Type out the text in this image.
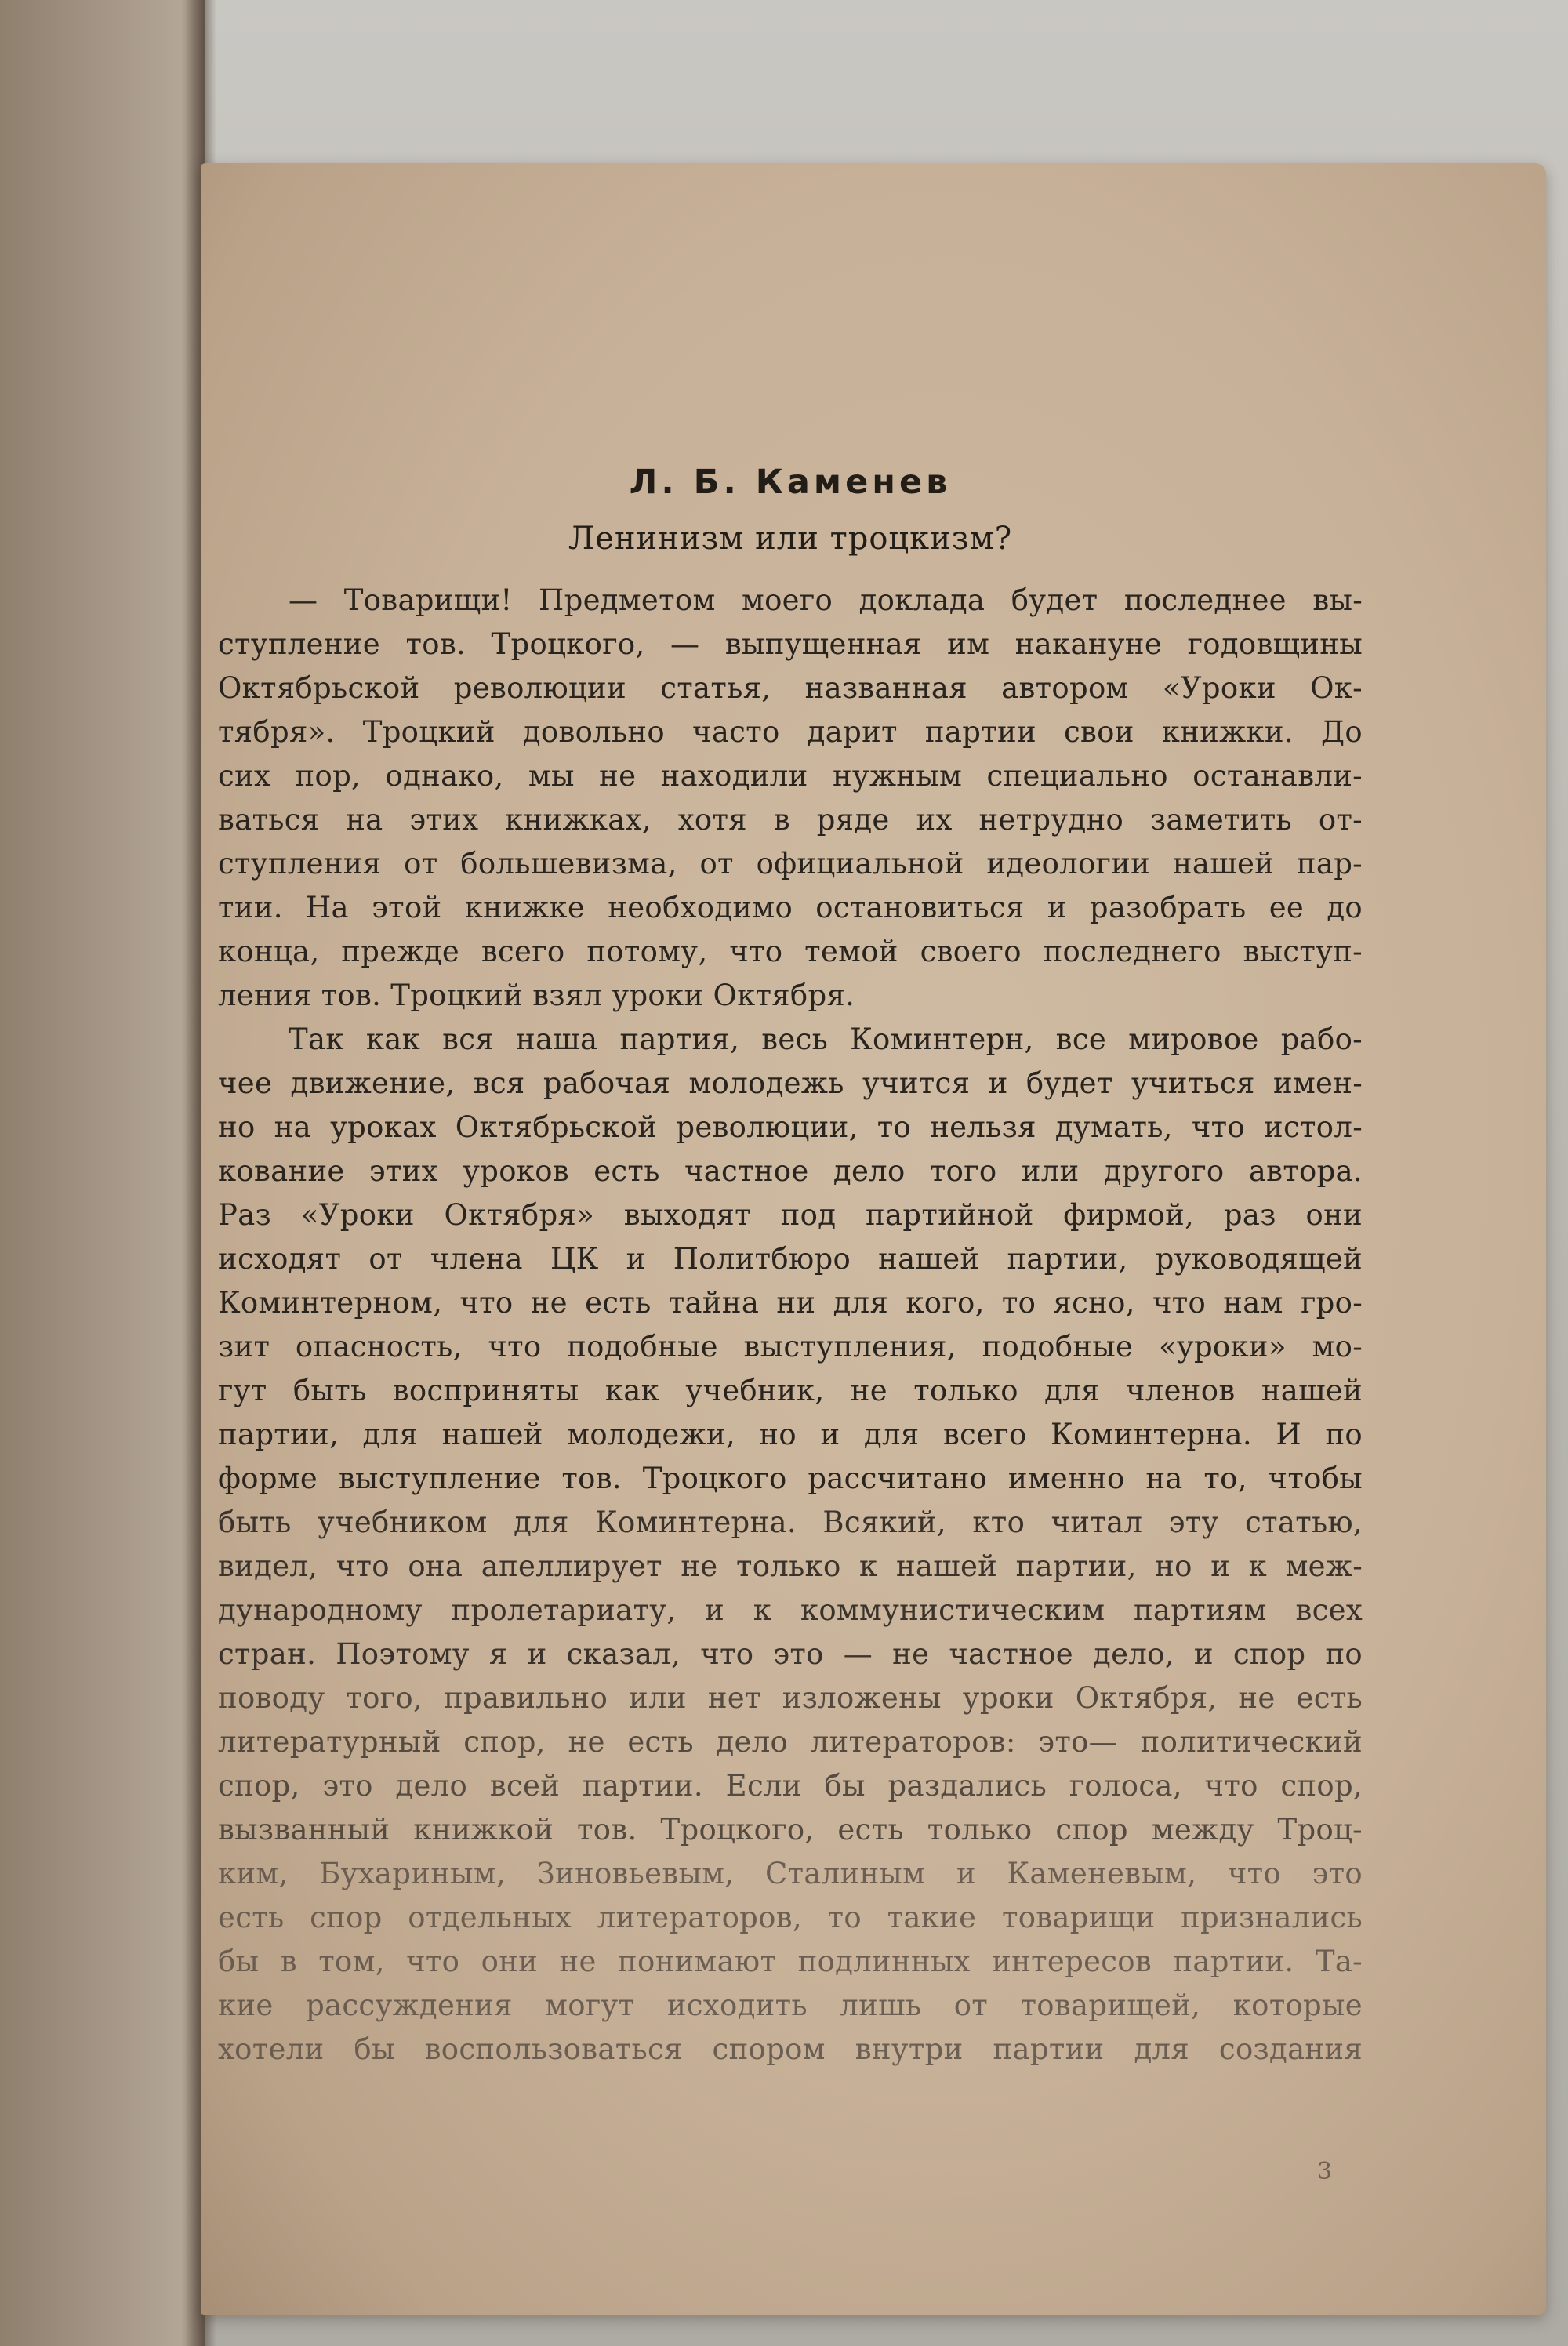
Л. Б. Каменев
Ленинизм или троцкизм?
— Товарищи! Предметом моего доклада будет последнее вы-
ступление тов. Троцкого, — выпущенная им накануне годовщины
Октябрьской революции статья, названная автором «Уроки Ок-
тября». Троцкий довольно часто дарит партии свои книжки. До
сих пор, однако, мы не находили нужным специально останавли-
ваться на этих книжках, хотя в ряде их нетрудно заметить от-
ступления от большевизма, от официальной идеологии нашей пар-
тии. На этой книжке необходимо остановиться и разобрать ее до
конца, прежде всего потому, что темой своего последнего выступ-
ления тов. Троцкий взял уроки Октября.
Так как вся наша партия, весь Коминтерн, все мировое рабо-
чее движение, вся рабочая молодежь учится и будет учиться имен-
но на уроках Октябрьской революции, то нельзя думать, что истол-
кование этих уроков есть частное дело того или другого автора.
Раз «Уроки Октября» выходят под партийной фирмой, раз они
исходят от члена ЦК и Политбюро нашей партии, руководящей
Коминтерном, что не есть тайна ни для кого, то ясно, что нам гро-
зит опасность, что подобные выступления, подобные «уроки» мо-
гут быть восприняты как учебник, не только для членов нашей
партии, для нашей молодежи, но и для всего Коминтерна. И по
форме выступление тов. Троцкого рассчитано именно на то, чтобы
быть учебником для Коминтерна. Всякий, кто читал эту статью,
видел, что она апеллирует не только к нашей партии, но и к меж-
дународному пролетариату, и к коммунистическим партиям всех
стран. Поэтому я и сказал, что это — не частное дело, и спор по
поводу того, правильно или нет изложены уроки Октября, не есть
литературный спор, не есть дело литераторов: это— политический
спор, это дело всей партии. Если бы раздались голоса, что спор,
вызванный книжкой тов. Троцкого, есть только спор между Троц-
ким, Бухариным, Зиновьевым, Сталиным и Каменевым, что это
есть спор отдельных литераторов, то такие товарищи признались
бы в том, что они не понимают подлинных интересов партии. Та-
кие рассуждения могут исходить лишь от товарищей, которые
хотели бы воспользоваться спором внутри партии для создания
3
